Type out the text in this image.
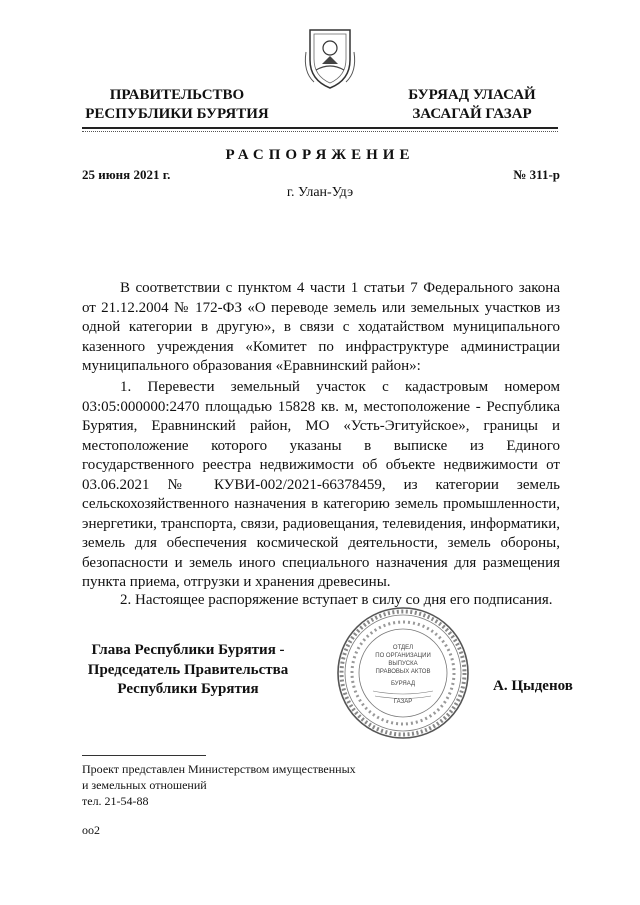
ПРАВИТЕЛЬСТВО
РЕСПУБЛИКИ БУРЯТИЯ
БУРЯАД УЛАСАЙ
ЗАСАГАЙ ГАЗАР
РАСПОРЯЖЕНИЕ
25 июня 2021 г.	№ 311-р
г. Улан-Удэ
В соответствии с пунктом 4 части 1 статьи 7 Федерального закона от 21.12.2004 № 172-ФЗ «О переводе земель или земельных участков из одной категории в другую», в связи с ходатайством муниципального казенного учреждения «Комитет по инфраструктуре администрации муниципального образования «Еравнинский район»:
1. Перевести земельный участок с кадастровым номером 03:05:000000:2470 площадью 15828 кв. м, местоположение - Республика Бурятия, Еравнинский район, МО «Усть-Эгитуйское», границы и местоположение которого указаны в выписке из Единого государственного реестра недвижимости об объекте недвижимости от 03.06.2021 № КУВИ-002/2021-66378459, из категории земель сельскохозяйственного назначения в категорию земель промышленности, энергетики, транспорта, связи, радиовещания, телевидения, информатики, земель для обеспечения космической деятельности, земель обороны, безопасности и земель иного специального назначения для размещения пункта приема, отгрузки и хранения древесины.
2. Настоящее распоряжение вступает в силу со дня его подписания.
Глава Республики Бурятия -
Председатель Правительства
Республики Бурятия	А. Цыденов
ОТДЕЛ
ПО ОРГАНИЗАЦИИ
ВЫПУСКА
ПРАВОВЫХ АКТОВ
БУРЯАД
ГАЗАР
Проект представлен Министерством имущественных
и земельных отношений
тел. 21-54-88
оо2
